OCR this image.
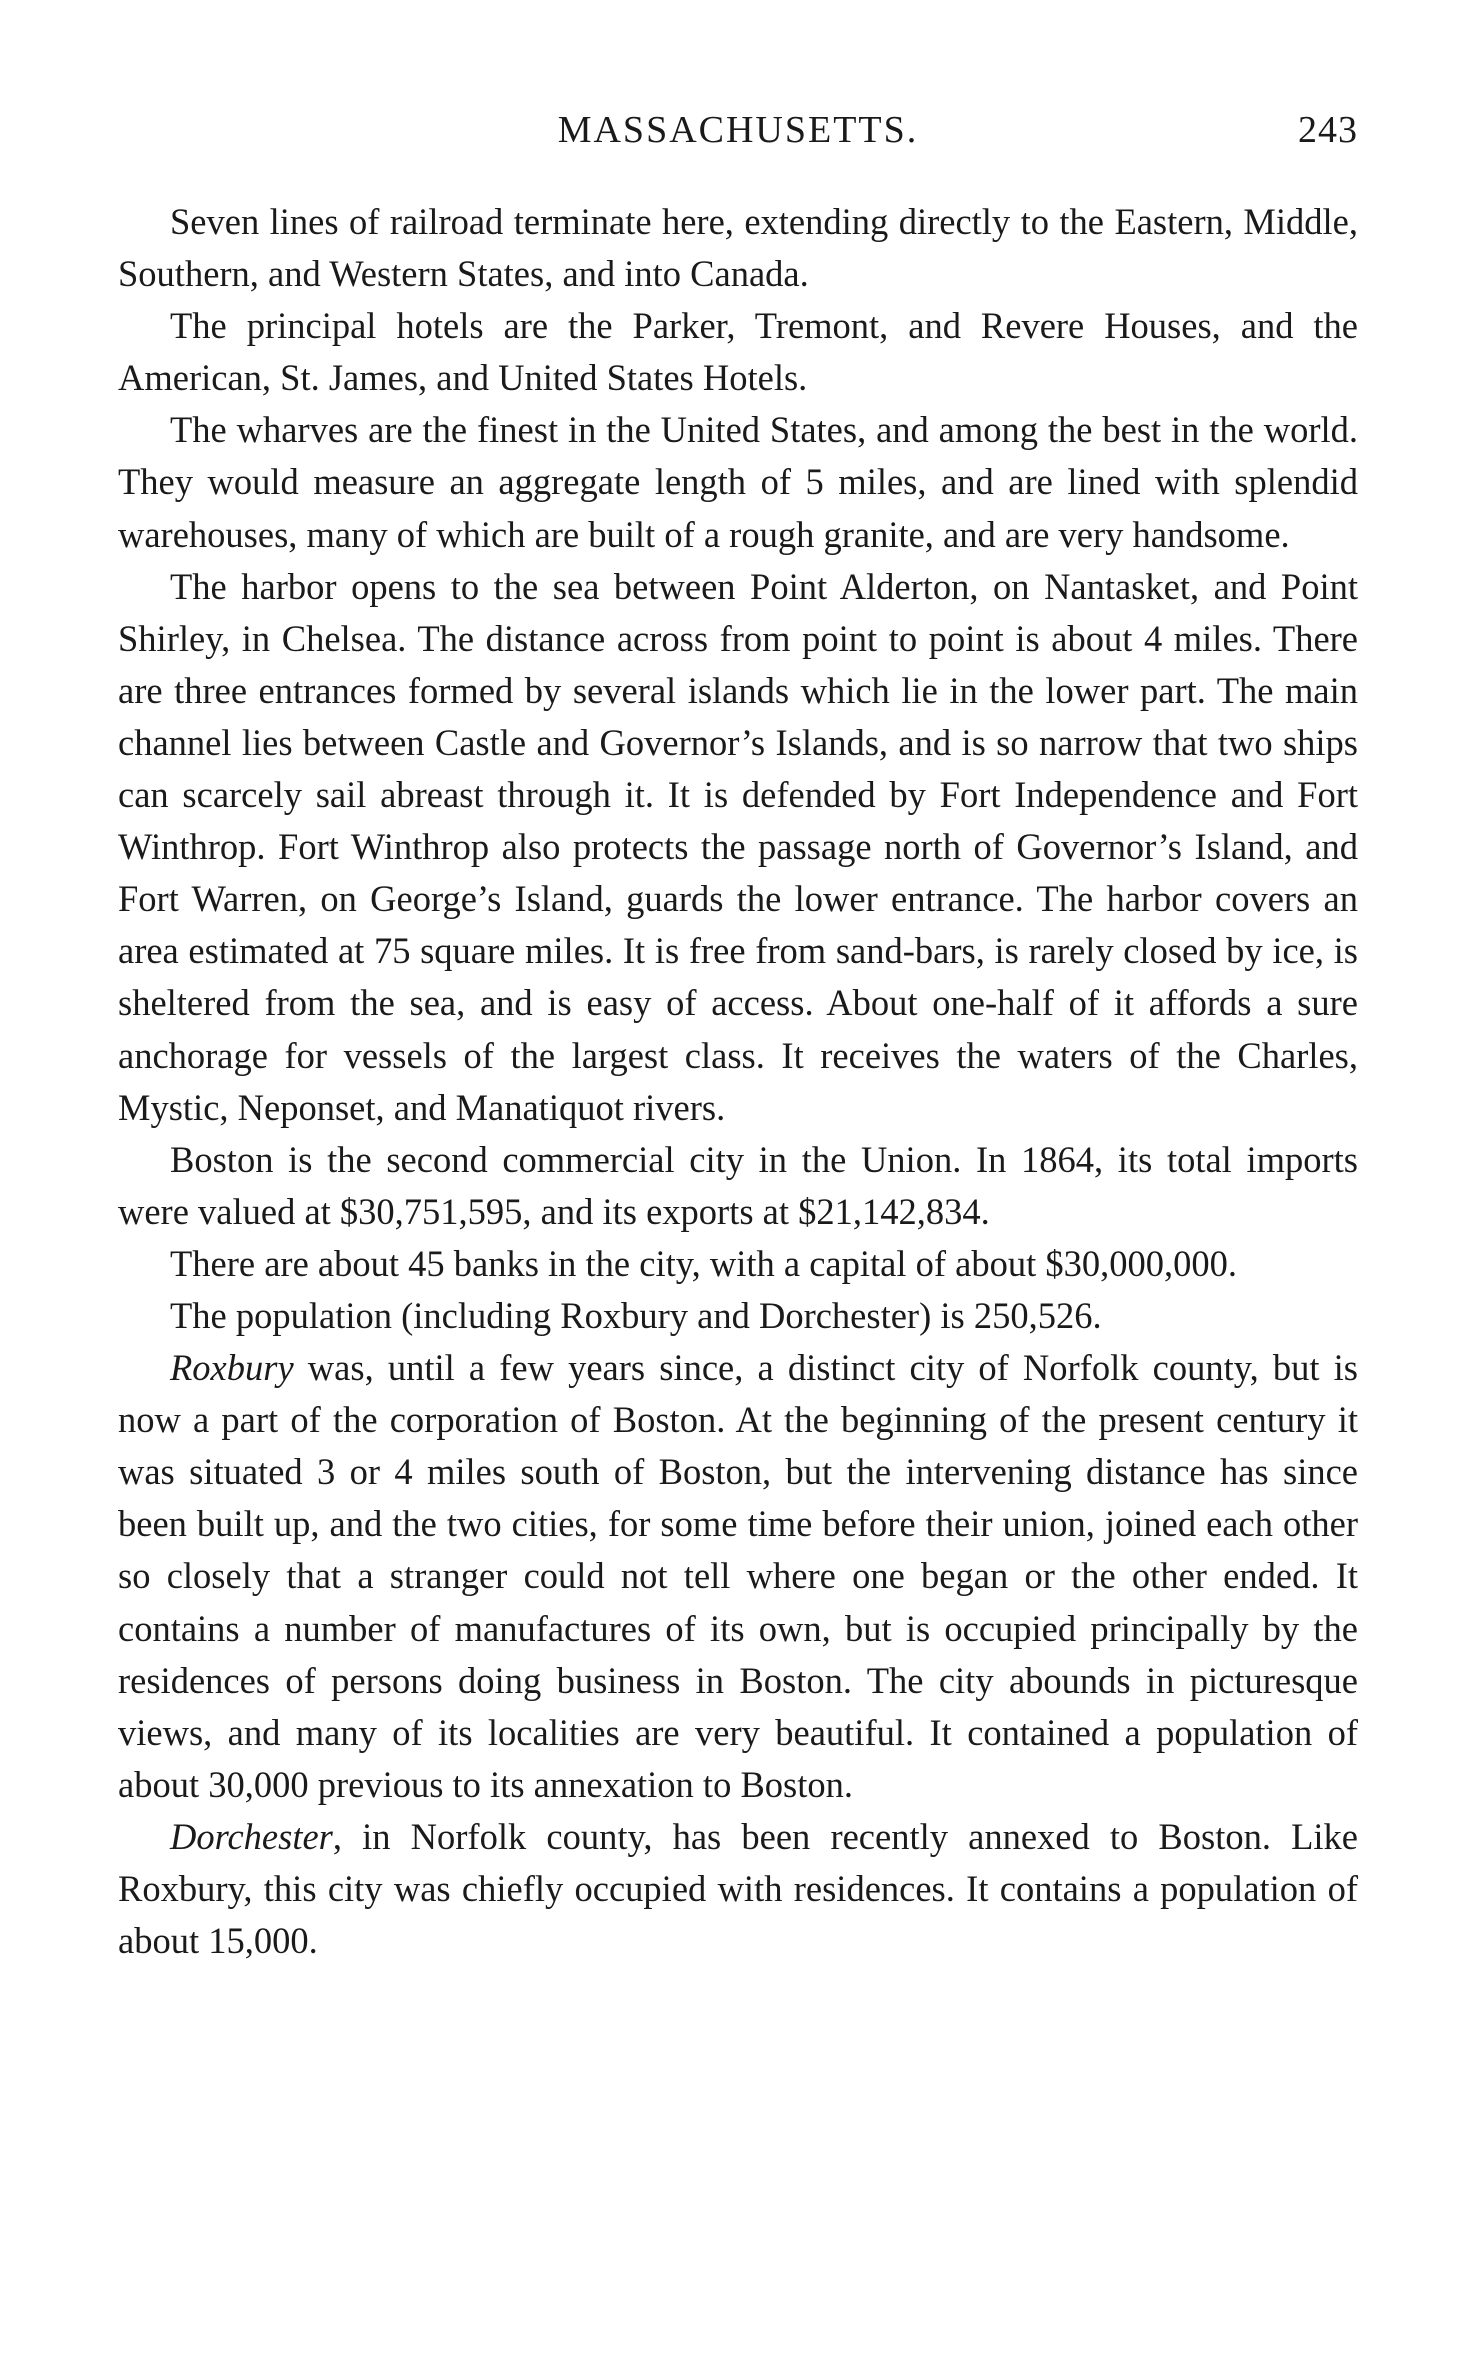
MASSACHUSETTS.	243

Seven lines of railroad terminate here, extending directly to the Eastern, Middle, Southern, and Western States, and into Canada.

The principal hotels are the Parker, Tremont, and Revere Houses, and the American, St. James, and United States Hotels.

The wharves are the finest in the United States, and among the best in the world. They would measure an aggregate length of 5 miles, and are lined with splendid warehouses, many of which are built of a rough granite, and are very handsome.

The harbor opens to the sea between Point Alderton, on Nantasket, and Point Shirley, in Chelsea. The distance across from point to point is about 4 miles. There are three entrances formed by several islands which lie in the lower part. The main channel lies between Castle and Governor’s Islands, and is so narrow that two ships can scarcely sail abreast through it. It is defended by Fort Independence and Fort Winthrop. Fort Winthrop also protects the passage north of Governor’s Island, and Fort Warren, on George’s Island, guards the lower entrance. The harbor covers an area estimated at 75 square miles. It is free from sand-bars, is rarely closed by ice, is sheltered from the sea, and is easy of access. About one-half of it affords a sure anchorage for vessels of the largest class. It receives the waters of the Charles, Mystic, Neponset, and Manatiquot rivers.

Boston is the second commercial city in the Union. In 1864, its total imports were valued at $30,751,595, and its exports at $21,142,834.

There are about 45 banks in the city, with a capital of about $30,000,000.

The population (including Roxbury and Dorchester) is 250,526.

Roxbury was, until a few years since, a distinct city of Norfolk county, but is now a part of the corporation of Boston. At the beginning of the present century it was situated 3 or 4 miles south of Boston, but the intervening distance has since been built up, and the two cities, for some time before their union, joined each other so closely that a stranger could not tell where one began or the other ended. It contains a number of manufactures of its own, but is occupied principally by the residences of persons doing business in Boston. The city abounds in picturesque views, and many of its localities are very beautiful. It contained a population of about 30,000 previous to its annexation to Boston.

Dorchester, in Norfolk county, has been recently annexed to Boston. Like Roxbury, this city was chiefly occupied with residences. It contains a population of about 15,000.
